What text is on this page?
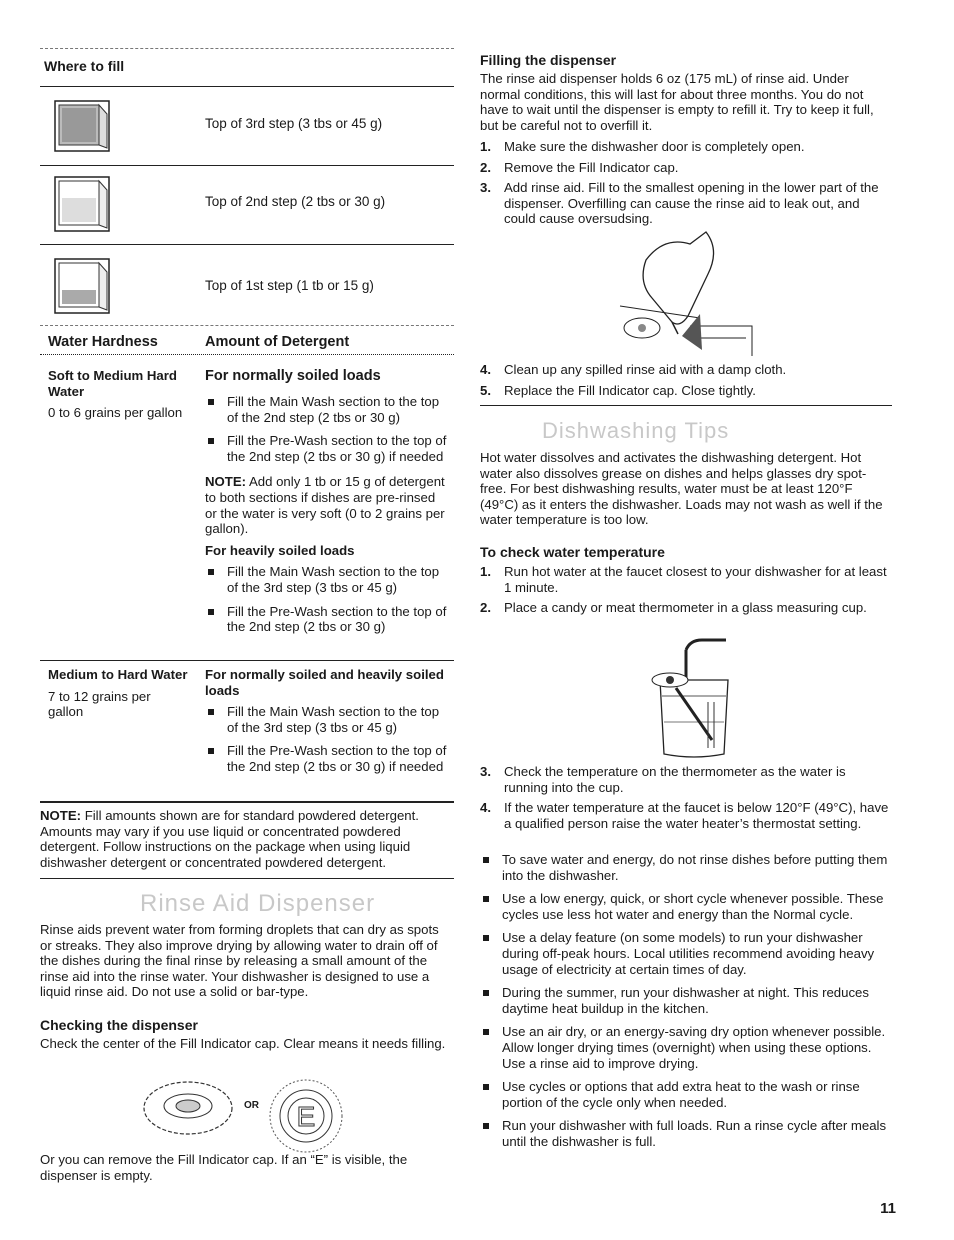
Where to fill
Top of 3rd step (3 tbs or 45 g)
Top of 2nd step (2 tbs or 30 g)
Top of 1st step (1 tb or 15 g)
Water Hardness	Amount of Detergent
Soft to Medium Hard Water
0 to 6 grains per gallon
For normally soiled loads
Fill the Main Wash section to the top of the 2nd step (2 tbs or 30 g)
Fill the Pre-Wash section to the top of the 2nd step (2 tbs or 30 g) if needed
NOTE: Add only 1 tb or 15 g of detergent to both sections if dishes are pre-rinsed or the water is very soft (0 to 2 grains per gallon).
For heavily soiled loads
Fill the Main Wash section to the top of the 3rd step (3 tbs or 45 g)
Fill the Pre-Wash section to the top of the 2nd step (2 tbs or 30 g)
Medium to Hard Water
7 to 12 grains per gallon
For normally soiled and heavily soiled loads
Fill the Main Wash section to the top of the 3rd step (3 tbs or 45 g)
Fill the Pre-Wash section to the top of the 2nd step (2 tbs or 30 g) if needed
NOTE: Fill amounts shown are for standard powdered detergent. Amounts may vary if you use liquid or concentrated powdered detergent. Follow instructions on the package when using liquid dishwasher detergent or concentrated powdered detergent.
Rinse Aid Dispenser
Rinse aids prevent water from forming droplets that can dry as spots or streaks. They also improve drying by allowing water to drain off of the dishes during the final rinse by releasing a small amount of the rinse aid into the rinse water. Your dishwasher is designed to use a liquid rinse aid. Do not use a solid or bar-type.
Checking the dispenser
Check the center of the Fill Indicator cap. Clear means it needs filling.
OR E
Or you can remove the Fill Indicator cap. If an “E” is visible, the dispenser is empty.
Filling the dispenser
The rinse aid dispenser holds 6 oz (175 mL) of rinse aid. Under normal conditions, this will last for about three months. You do not have to wait until the dispenser is empty to refill it. Try to keep it full, but be careful not to overfill it.
1. Make sure the dishwasher door is completely open.
2. Remove the Fill Indicator cap.
3. Add rinse aid. Fill to the smallest opening in the lower part of the dispenser. Overfilling can cause the rinse aid to leak out, and could cause oversudsing.
4. Clean up any spilled rinse aid with a damp cloth.
5. Replace the Fill Indicator cap. Close tightly.
Dishwashing Tips
Hot water dissolves and activates the dishwashing detergent. Hot water also dissolves grease on dishes and helps glasses dry spot-free. For best dishwashing results, water must be at least 120°F (49°C) as it enters the dishwasher. Loads may not wash as well if the water temperature is too low.
To check water temperature
1. Run hot water at the faucet closest to your dishwasher for at least 1 minute.
2. Place a candy or meat thermometer in a glass measuring cup.
3. Check the temperature on the thermometer as the water is running into the cup.
4. If the water temperature at the faucet is below 120°F (49°C), have a qualified person raise the water heater’s thermostat setting.
To save water and energy, do not rinse dishes before putting them into the dishwasher.
Use a low energy, quick, or short cycle whenever possible. These cycles use less hot water and energy than the Normal cycle.
Use a delay feature (on some models) to run your dishwasher during off-peak hours. Local utilities recommend avoiding heavy usage of electricity at certain times of day.
During the summer, run your dishwasher at night. This reduces daytime heat buildup in the kitchen.
Use an air dry, or an energy-saving dry option whenever possible. Allow longer drying times (overnight) when using these options. Use a rinse aid to improve drying.
Use cycles or options that add extra heat to the wash or rinse portion of the cycle only when needed.
Run your dishwasher with full loads. Run a rinse cycle after meals until the dishwasher is full.
11
